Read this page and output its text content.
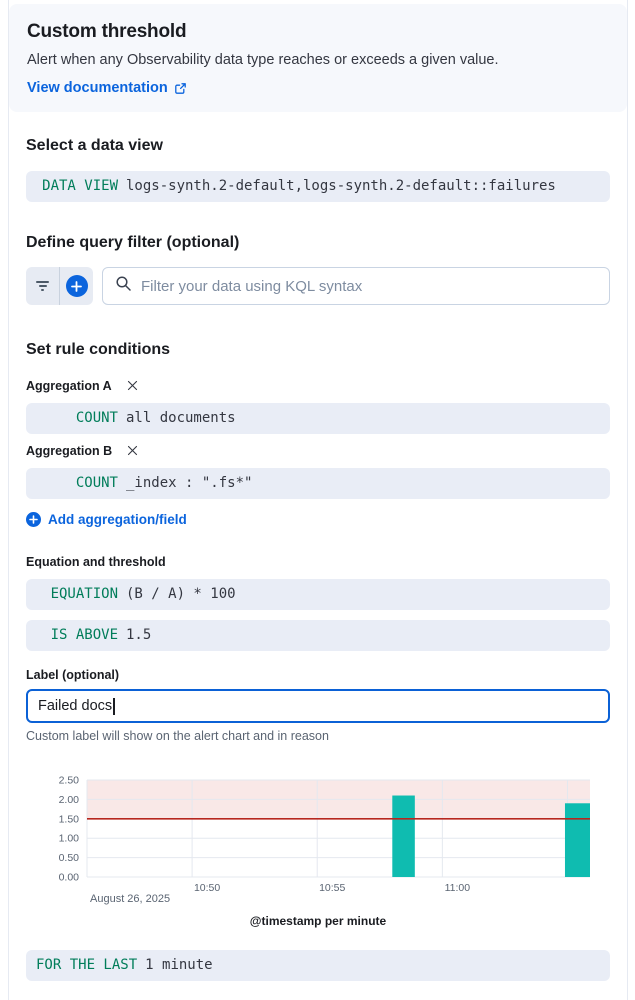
Custom threshold
Alert when any Observability data type reaches or exceeds a given value.
View documentation
Select a data view
DATA VIEW logs-synth.2-default,logs-synth.2-default::failures
Define query filter (optional)
Filter your data using KQL syntax
Set rule conditions
Aggregation A
COUNT all documents
Aggregation B
COUNT _index : ".fs*"
Add aggregation/field
Equation and threshold
EQUATION (B / A) * 100
IS ABOVE 1.5
Label (optional)
Failed docs
Custom label will show on the alert chart and in reason
0.00
0.50
1.00
1.50
2.00
2.50
10:50	10:55	11:00
August 26, 2025
@timestamp per minute
FOR THE LAST 1 minute
